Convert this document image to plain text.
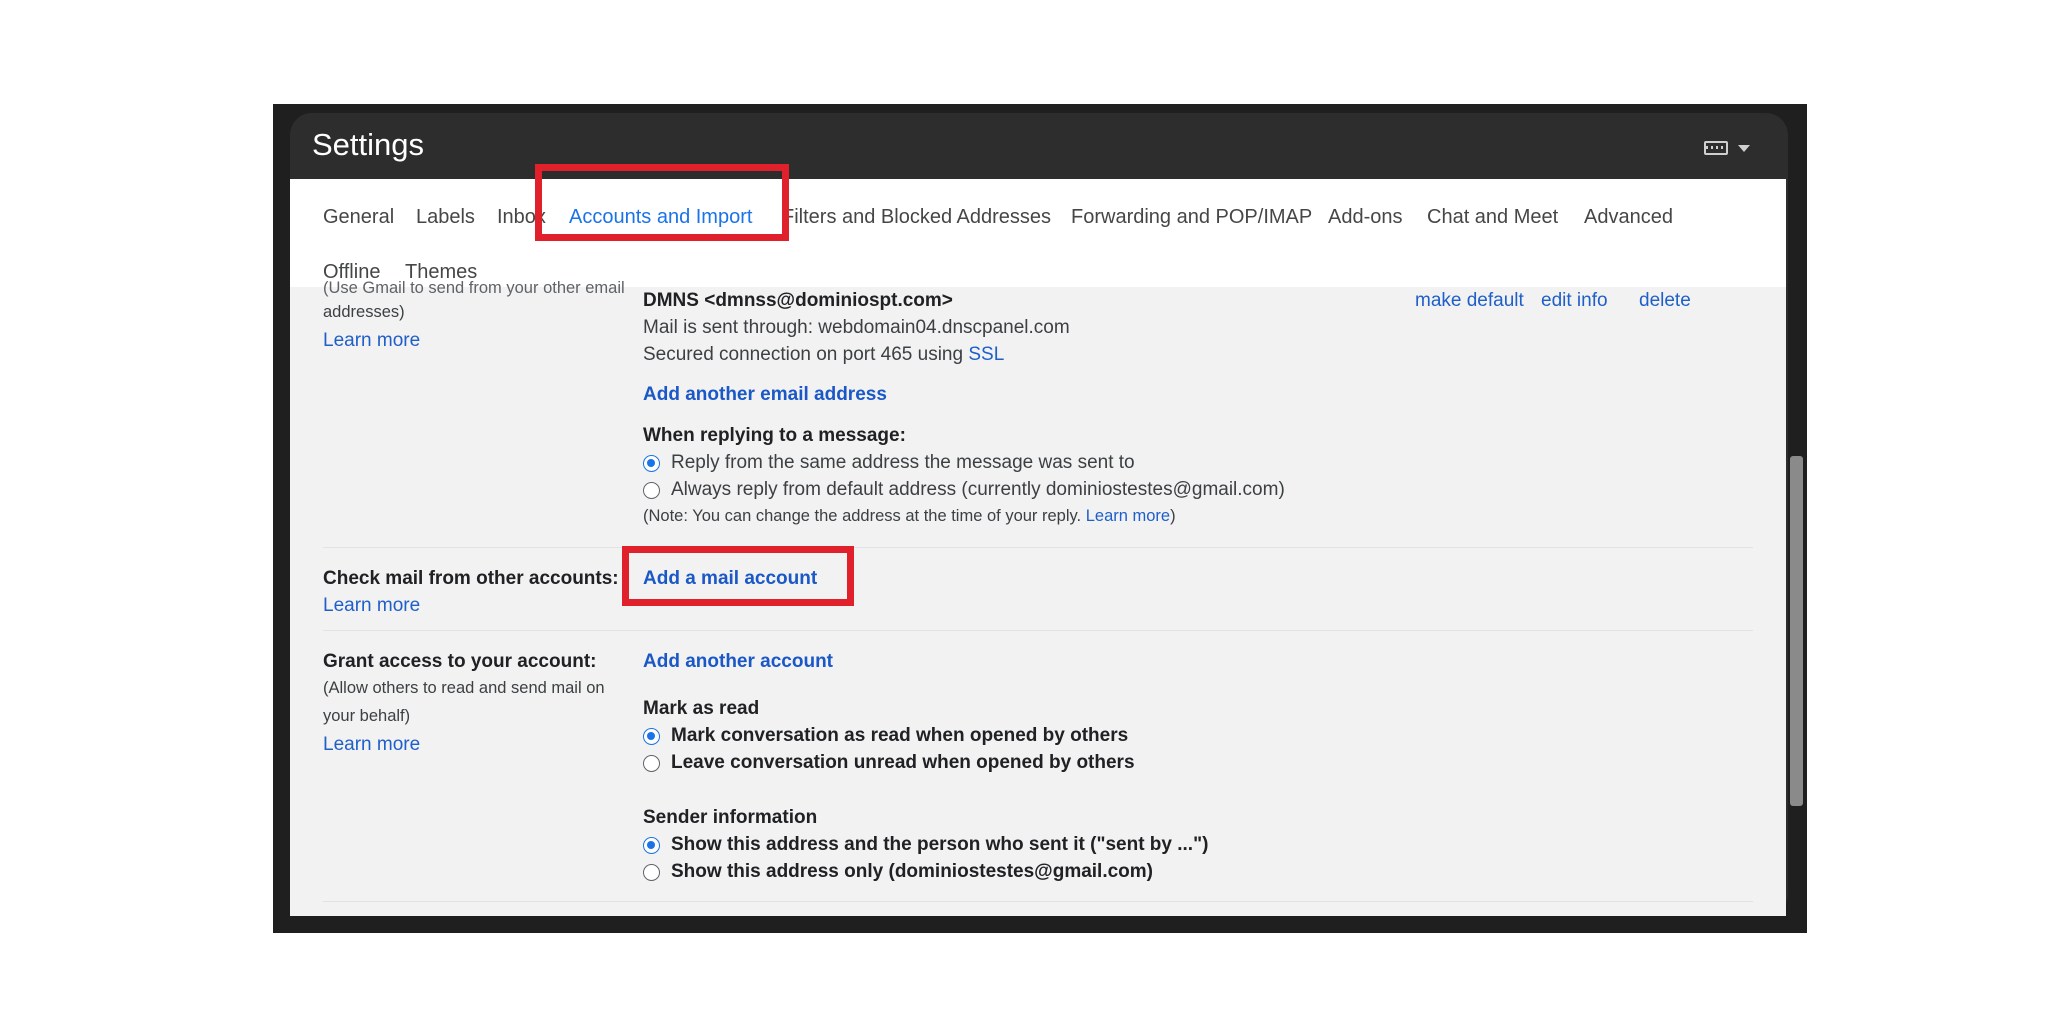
Settings
General Labels Inbox Accounts and Import Filters and Blocked Addresses Forwarding and POP/IMAP Add-ons Chat and Meet Advanced
Offline Themes
(Use Gmail to send from your other email
addresses)
Learn more
DMNS <dmnss@dominiospt.com>
Mail is sent through: webdomain04.dnscpanel.com
Secured connection on port 465 using SSL
make default edit info delete
Add another email address
When replying to a message:
Reply from the same address the message was sent to
Always reply from default address (currently dominiostestes@gmail.com)
(Note: You can change the address at the time of your reply. Learn more)
Check mail from other accounts:
Learn more
Add a mail account
Grant access to your account:
(Allow others to read and send mail on
your behalf)
Learn more
Add another account
Mark as read
Mark conversation as read when opened by others
Leave conversation unread when opened by others
Sender information
Show this address and the person who sent it ("sent by ...")
Show this address only (dominiostestes@gmail.com)
